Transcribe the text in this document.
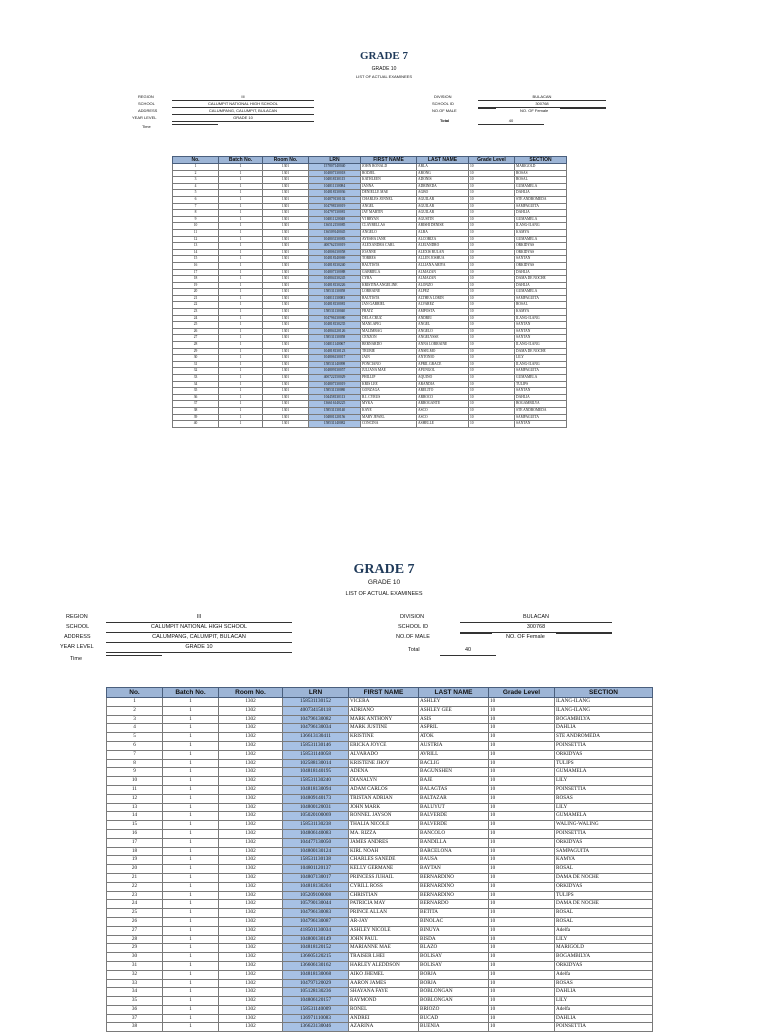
GRADE 7
GRADE 10
LIST OF ACTUAL EXAMINEES
REGION	III
SCHOOL	CALUMPIT NATIONAL HIGH SCHOOL
ADDRESS	CALUMPANG, CALUMPIT, BULACAN
YEAR LEVEL	GRADE 10
Time
DIVISION	BULACAN
SCHOOL ID	300768
NO.OF MALE	NO. OF Female
Total	40
No.	Batch No.	Room No.	LRN	FIRST NAME	LAST NAME	Grade Level	SECTION
1	1	1301	157807140040	JOHN RONALD	ABLA	10	MARIGOLD
2	1	1301	104807130018	RODJEL	ABONG	10	ROSAS
3	1	1301	104818130115	KATHLEEN	ADONIS	10	ROSAL
4	1	1301	104811130084	JANNA	ADRINEDA	10	GUMAMELA
5	1	1301	104818130036	DENIELLE MAE	AGBO	10	DAHLIA
6	1	1301	104879130102	CHARLES JONNEL	AGUILAR	10	STE ANDROMEDA
7	1	1301	104798130019	ANGEL	AGUILAR	10	SAMPAGUITA
8	1	1301	104797130081	JAY MARTIN	AGUILAR	10	DAHLIA
9	1	1301	104811120048	VI BRYAN	AGUSTIN	10	GUMAMELA
10	1	1301	136512150085	CLAYBELLAS	ABISHI DENISE	10	ILANG-ILANG
11	1	1301	136509140045	ANGELO	ALBA	10	KAMYA
12	1	1301	104803130083	AYESHA JANE	ALCOBIZA	10	GUMAMELA
13	1	1301	400762150019	ALEXANDRA CARL	ALEJANDRO	10	ORKIDYAS
14	1	1301	104806130058	JOANNE	ALEXIS BULAN	10	ORKIDYAS
15	1	1301	104818140069	TORRES	ALLEN JOSHUA	10	SANTAN
16	1	1301	104818130240	BAUTISTA	ALLIANA ARIYA	10	ORKIDYAS
17	1	1301	104807130088	GABRIELA	ALMAZAN	10	DAHLIA
18	1	1301	104804130245	CYRA	ALMAZAN	10	DAMA DE NOCHE
19	1	1301	104818130226	KRISTINA ANGELINE	ALONZO	10	DAHLIA
20	1	1301	158531130058	LORRAINE	ALPEZ	10	GUMAMELA
21	1	1301	104811130083	BAUTISTA	ALTHEA LORIN	10	SAMPAGUITA
22	1	1301	104818130081	JAN GABRIEL	ALVAREZ	10	ROSAL
23	1	1301	158531130040	FRATZ	AMPOSTA	10	KAMYA
24	1	1301	104796130080	DELA CRUZ	ANDREI	10	ILANG-ILANG
25	1	1301	104818130235	MANLAPIG	ANGEL	10	SANTAN
26	1	1301	104804120126	MALIMBAG	ANGELO	10	SANTAN
27	1	1301	158531130058	CENZON	ANGELYSSE	10	SANTAN
28	1	1301	104811140067	BERNARDO	ANNA LORRAINE	10	ILANG-ILANG
29	1	1301	104818130123	TRUBIE	ANSELMO	10	DAMA DE NOCHE
30	1	1301	104806130017	JAIN	ANTONIO	10	LILY
31	1	1301	158531140098	PONCIANO	APRIL GRACE	10	ILANG-ILANG
32	1	1301	104809130057	JULIANA MAE	APUNGOL	10	SAMPAGUITA
33	1	1301	400722150029	PHILLIP	AQUINO	10	GUMAMELA
34	1	1301	104807130019	KRIS LEE	ARANDIA	10	TULIPS
35	1	1301	158531130080	GONZAGA	ARELITO	10	SANTAN
36	1	1301	104458130113	R.L CYRUS	ARROCO	10	DAHLIA
37	1	1301	136616140225	MYKA	ARROGANTE	10	BOGAMBILYA
38	1	1301	158531130140	KAYE	ASCO	10	STE ANDROMEDA
39	1	1301	104801120156	MARY JEWEL	ASCO	10	SAMPAGUITA
40	1	1301	158531140082	CONCINA	ASHELLE	10	SANTAN
GRADE 7
GRADE 10
LIST OF ACTUAL EXAMINEES
REGION	III
SCHOOL	CALUMPIT NATIONAL HIGH SCHOOL
ADDRESS	CALUMPANG, CALUMPIT, BULACAN
YEAR LEVEL	GRADE 10
Time
DIVISION	BULACAN
SCHOOL ID	300768
NO.OF MALE	NO. OF Female
Total	40
No.	Batch No.	Room No.	LRN	FIRST NAME	LAST NAME	Grade Level	SECTION
1	1	1302	158531130152	VICERA	ASHLEY	10	ILANG-ILANG
2	1	1302	400734150118	ADRIANO	ASHLEY GEE	10	ILANG-ILANG
3	1	1302	104796130082	MARK ANTHONY	ASIS	10	BOGAMBILYA
4	1	1302	104796130034	MARK JUSTINE	ASPRIL	10	DAHLIA
5	1	1302	136613130411	KRISTINE	ATOK	10	STE ANDROMEDA
6	1	1302	158531130146	ERICKA JOYCE	AUSTRIA	10	POINSETTIA
7	1	1302	158531140058	ALVARADO	AVRILL	10	ORKIDYAS
8	1	1302	102588130014	KRISTENE JHOY	BACLIG	10	TULIPS
9	1	1302	104818140195	ADENA	BAGUNSHEN	10	GUMAMELA
10	1	1302	158531130240	DIANALYN	BAJE	10	LILY
11	1	1302	104818130094	ADAM CARLOS	BALAGTAS	10	POINSETTIA
12	1	1302	104809140173	TRISTAN ADRIAN	BALTAZAR	10	ROSAS
13	1	1302	104800120031	JOHN MARK	BALUYUT	10	LILY
14	1	1302	105020100069	RONNEL JAYSON	BALVERDE	10	GUMAMELA
15	1	1302	158531130238	THALIA NICOLE	BALVERDE	10	WALING-WALING
16	1	1302	104806140083	MA. RIZZA	BANCOLO	10	POINSETTIA
17	1	1302	104477130050	JAMES ANDRES	BANDILLA	10	ORKIDYAS
18	1	1302	104800130124	KIRL NOAH	BARCELONA	10	SAMPAGUITA
19	1	1302	158531130138	CHARLES SANEDE	BAUSA	10	KAMYA
20	1	1302	104801120137	KELLY GERMANE	BAYTAN	10	ROSAL
21	1	1302	104807130017	PRINCESS JUHAIL	BERNARDINO	10	DAMA DE NOCHE
22	1	1302	104818130204	CYRILL ROSS	BERNARDINO	10	ORKIDYAS
23	1	1302	105209100008	CHRISTIAN	BERNARDINO	10	TULIPS
24	1	1302	105790130044	PATRICIA MAY	BERNARDO	10	DAMA DE NOCHE
25	1	1302	104796130083	PRINCE ALLAN	BETITA	10	ROSAL
26	1	1302	104796130087	AR-JAY	BINOLAC	10	ROSAL
27	1	1302	418501130034	ASHLEY NICOLE	BINUYA	10	Adelfa
28	1	1302	104800130149	JOHN PAUL	BISDA	10	LILY
29	1	1302	104818120152	MARIANNE MAE	BLAZO	10	MARIGOLD
30	1	1302	136605120215	TRAISER LHEI	BOLISAY	10	BOGAMBILYA
31	1	1302	136606130162	HARLEY ALEDDSON	BOLISAY	10	ORKIDYAS
32	1	1302	104818130068	AIKO JHEMEL	BORJA	10	Adelfa
33	1	1302	104797120029	AARON JAMES	BORJA	10	ROSAS
34	1	1302	105128130236	SHAYANA FAYE	BOBLONGAN	10	DAHLIA
35	1	1302	104806120157	RAYMOND	BOBLONGAN	10	LILY
36	1	1302	158531140009	RONEL	BRIOZO	10	Adelfa
37	1	1302	136971110083	ANDREI	BUCAD	10	DAHLIA
38	1	1302	136623130046	AZARINA	BUENIA	10	POINSETTIA
